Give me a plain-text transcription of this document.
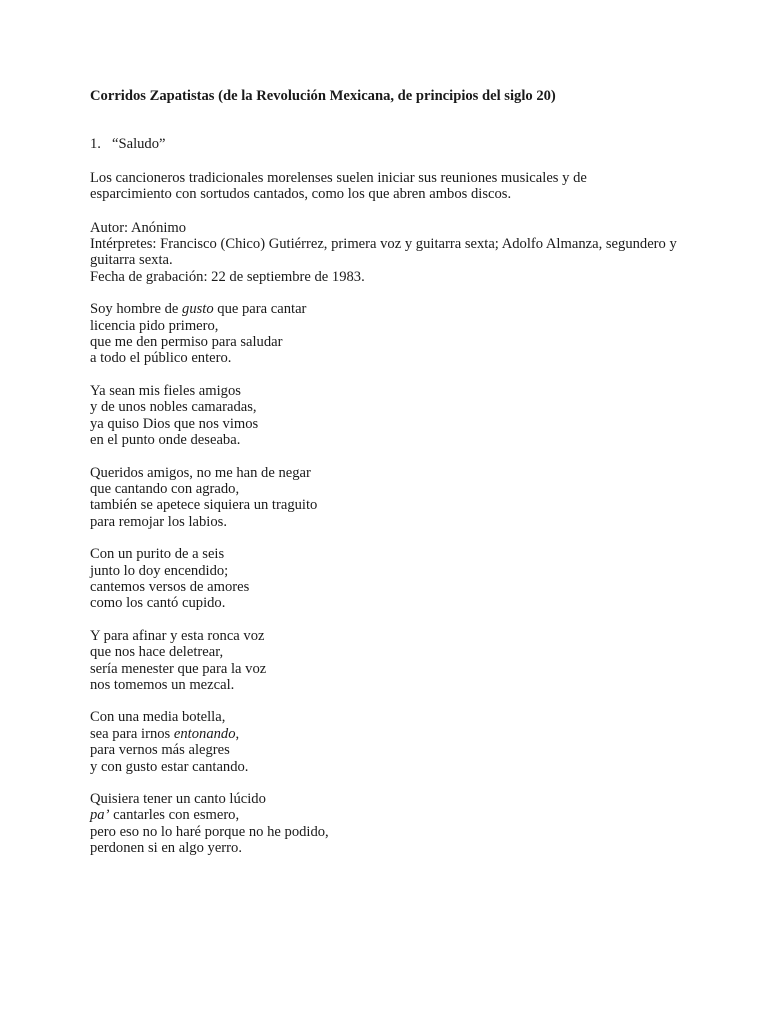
Corridos Zapatistas (de la Revolución Mexicana, de principios del siglo 20)
1. “Saludo”
Los cancioneros tradicionales morelenses suelen iniciar sus reuniones musicales y de esparcimiento con sortudos cantados, como los que abren ambos discos.
Autor: Anónimo
Intérpretes: Francisco (Chico) Gutiérrez, primera voz y guitarra sexta; Adolfo Almanza, segundero y guitarra sexta.
Fecha de grabación: 22 de septiembre de 1983.
Soy hombre de gusto que para cantar
licencia pido primero,
que me den permiso para saludar
a todo el público entero.
Ya sean mis fieles amigos
y de unos nobles camaradas,
ya quiso Dios que nos vimos
en el punto onde deseaba.
Queridos amigos, no me han de negar
que cantando con agrado,
también se apetece siquiera un traguito
para remojar los labios.
Con un purito de a seis
junto lo doy encendido;
cantemos versos de amores
como los cantó cupido.
Y para afinar y esta ronca voz
que nos hace deletrear,
sería menester que para la voz
nos tomemos un mezcal.
Con una media botella,
sea para irnos entonando,
para vernos más alegres
y con gusto estar cantando.
Quisiera tener un canto lúcido
pa’ cantarles con esmero,
pero eso no lo haré porque no he podido,
perdonen si en algo yerro.
